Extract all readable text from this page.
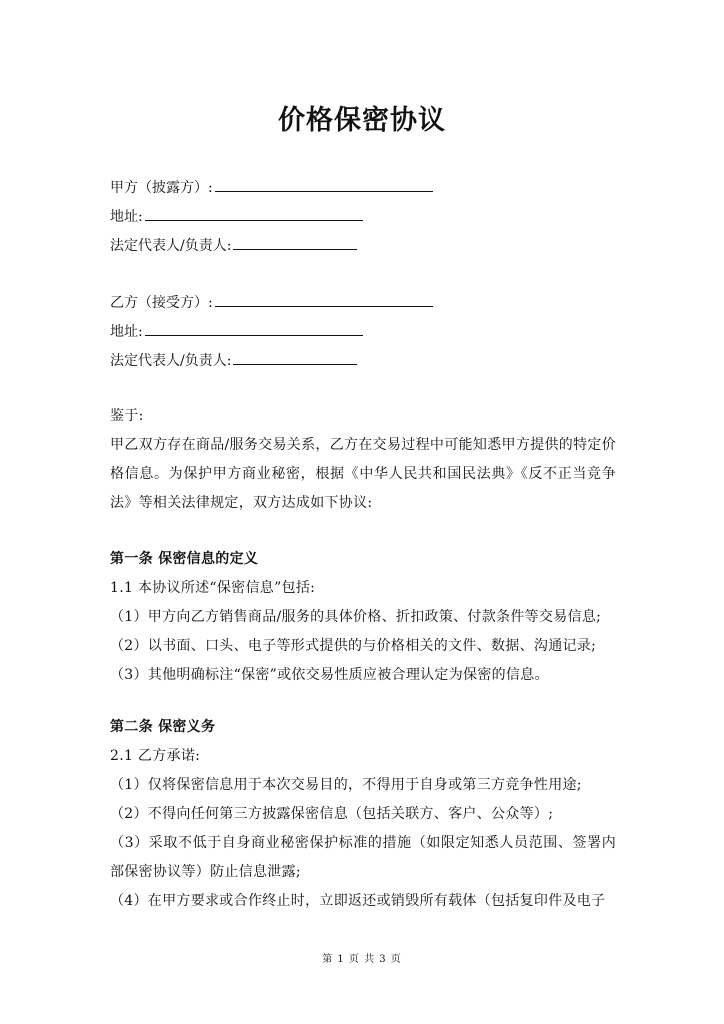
价格保密协议
甲方（披露方）:
地址:
法定代表人/负责人:
乙方（接受方）:
地址:
法定代表人/负责人:
鉴于:
甲乙双方存在商品/服务交易关系，乙方在交易过程中可能知悉甲方提供的特定价格信息。为保护甲方商业秘密，根据《中华人民共和国民法典》《反不正当竞争法》等相关法律规定，双方达成如下协议:
第一条 保密信息的定义
1.1 本协议所述“保密信息”包括:
（1）甲方向乙方销售商品/服务的具体价格、折扣政策、付款条件等交易信息;
（2）以书面、口头、电子等形式提供的与价格相关的文件、数据、沟通记录;
（3）其他明确标注“保密”或依交易性质应被合理认定为保密的信息。
第二条 保密义务
2.1 乙方承诺:
（1）仅将保密信息用于本次交易目的，不得用于自身或第三方竞争性用途;
（2）不得向任何第三方披露保密信息（包括关联方、客户、公众等）;
（3）采取不低于自身商业秘密保护标准的措施（如限定知悉人员范围、签署内部保密协议等）防止信息泄露;
（4）在甲方要求或合作终止时，立即返还或销毁所有载体（包括复印件及电子
第 1 页 共 3 页
